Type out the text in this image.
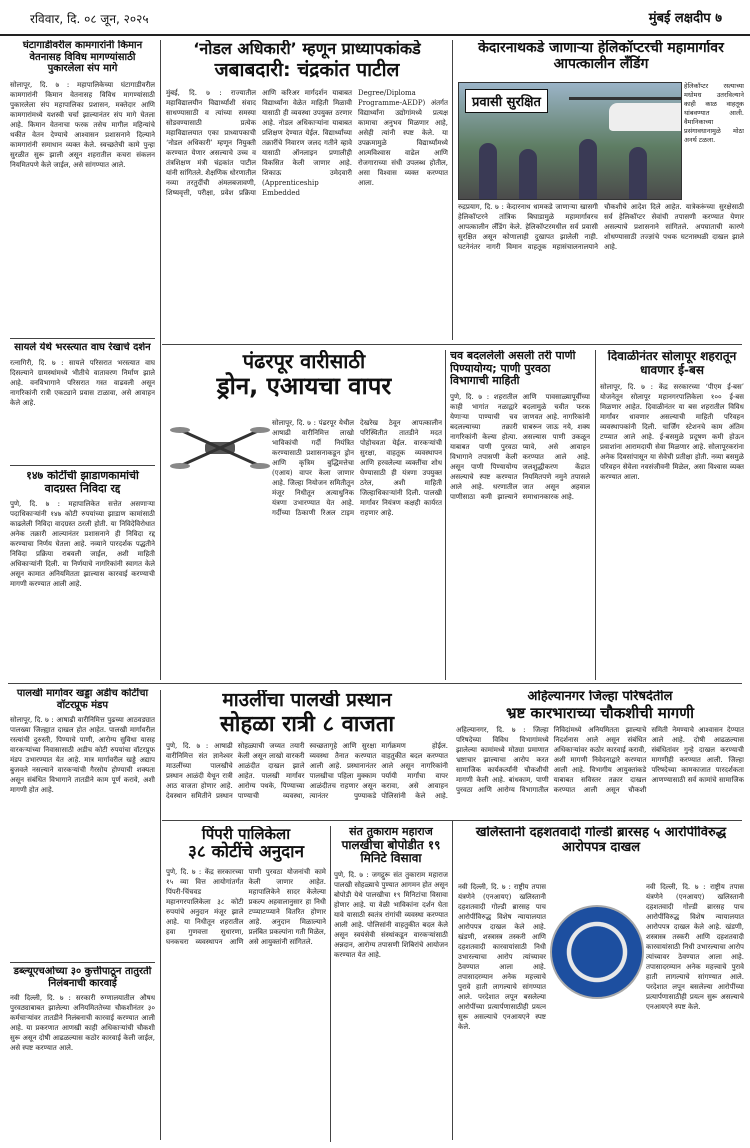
रविवार, दि. ०८ जून, २०२५	मुंबई लक्षदीप ७
घंटागाडीवरील कामगारांनी किमान वेतनासह विविध मागण्यांसाठी पुकारलेला संप मागे
सोलापूर, दि. ७ : महापालिकेच्या घंटागाडीवरील कामगारांनी किमान वेतनासह विविध मागण्यांसाठी पुकारलेला संप महापालिका प्रशासन, मक्तेदार आणि कामगारांमध्ये यशस्वी चर्चा झाल्यानंतर संप मागे घेतला आहे. किमान वेतनाचा फरक तसेच मागील महिन्यांचे थकीत वेतन देण्याचे आश्वासन प्रशासनाने दिल्याने कामगारांनी समाधान व्यक्त केले. स्वच्छतेची कामे पुन्हा सुरळीत सुरू झाली असून शहरातील कचरा संकलन नियमितपणे केले जाईल, असे सांगण्यात आले.
सायले येथे भरस्त्यात वाघ रेखाचे दर्शन
रत्नागिरी, दि. ७ : सायले परिसरात भरस्त्यात वाघ दिसल्याने ग्रामस्थांमध्ये भीतीचे वातावरण निर्माण झाले आहे. वनविभागाने परिसरात गस्त वाढवली असून नागरिकांनी रात्री एकट्याने प्रवास टाळावा, असे आवाहन केले आहे.
१४७ कोटींची झाडाणकामांची वादग्रस्त निविदा रद्द
पुणे, दि. ७ : महापालिकेत सत्तेत असणाऱ्या पदाधिकाऱ्यांनी १४७ कोटी रुपयांच्या झाडाण कामांसाठी काढलेली निविदा वादग्रस्त ठरली होती. या निविदेविरोधात अनेक तक्रारी आल्यानंतर प्रशासनाने ही निविदा रद्द करण्याचा निर्णय घेतला आहे. नव्याने पारदर्शक पद्धतीने निविदा प्रक्रिया राबवली जाईल, अशी माहिती अधिकाऱ्यांनी दिली. या निर्णयाचे नागरिकांनी स्वागत केले असून कामात अनियमितता झाल्यास कारवाई करण्याची मागणी करण्यात आली आहे.
पालखी मार्गावर खड्डा अडीच कोटींचा वॉटरप्रूफ मंडप
सोलापूर, दि. ७ : आषाढी वारीनिमित्त पुढच्या आठवड्यात पालख्या जिल्ह्यात दाखल होत आहेत. पालखी मार्गावरील रस्त्यांची दुरुस्ती, पिण्याचे पाणी, आरोग्य सुविधा यासह वारकऱ्यांच्या निवासासाठी अडीच कोटी रुपयांचा वॉटरप्रूफ मंडप उभारण्यात येत आहे. मात्र मार्गावरील खड्डे अद्याप बुजवले नसल्याने वारकऱ्यांची गैरसोय होण्याची शक्यता असून संबंधित विभागाने तातडीने काम पूर्ण करावे, अशी मागणी होत आहे.
डब्ल्यूएचओच्या ३० कुत्तीपाठून तातुरती निलंबनाची कारवाई
नवी दिल्ली, दि. ७ : सरकारी रुग्णालयातील औषध पुरवठ्याबाबत झालेल्या अनियमिततेच्या चौकशीनंतर ३० कर्मचाऱ्यांवर तातडीने निलंबनाची कारवाई करण्यात आली आहे. या प्रकरणात आणखी काही अधिकाऱ्यांची चौकशी सुरू असून दोषी आढळल्यास कठोर कारवाई केली जाईल, असे स्पष्ट करण्यात आले.
‘नोडल अधिकारी’ म्हणून प्राध्यापकांकडे
जबाबदारी: चंद्रकांत पाटील
मुंबई, दि. ७ : राज्यातील महाविद्यालयीन विद्यार्थ्यांशी संवाद साधण्यासाठी व त्यांच्या समस्या सोडवण्यासाठी प्रत्येक महाविद्यालयात एका प्राध्यापकाची ‘नोडल अधिकारी’ म्हणून नियुक्ती करण्यात येणार असल्याचे उच्च व तंत्रशिक्षण मंत्री चंद्रकांत पाटील यांनी सांगितले. शैक्षणिक धोरणातील नव्या तरतुदींची अंमलबजावणी, शिष्यवृत्ती, परीक्षा, प्रवेश प्रक्रिया आणि करिअर मार्गदर्शन याबाबत विद्यार्थ्यांना वेळेत माहिती मिळावी यासाठी ही व्यवस्था उपयुक्त ठरणार आहे. नोडल अधिकाऱ्यांना याबाबत प्रशिक्षण देण्यात येईल. विद्यार्थ्यांच्या तक्रारींचे निवारण जलद गतीने व्हावे यासाठी ऑनलाइन प्रणालीही विकसित केली जाणार आहे. शिकाऊ उमेदवारी (Apprenticeship Embedded Degree/Diploma Programme-AEDP) अंतर्गत विद्यार्थ्यांना उद्योगांमध्ये प्रत्यक्ष कामाचा अनुभव मिळणार आहे, असेही त्यांनी स्पष्ट केले. या उपक्रमामुळे विद्यार्थ्यांमध्ये आत्मविश्वास वाढेल आणि रोजगाराच्या संधी उपलब्ध होतील, असा विश्वास व्यक्त करण्यात आला.
केदारनाथकडे जाणाऱ्या हेलिकॉप्टरची महामार्गावर आपत्कालीन लँडिंग
प्रवासी सुरक्षित
हेलिकॉप्टर रस्त्याच्या मधोमध उतरविल्याने काही काळ वाहतूक थांबवण्यात आली. वैमानिकाच्या प्रसंगावधानामुळे मोठा अनर्थ टळला.
रुद्रप्रयाग, दि. ७ : केदारनाथ धामकडे जाणाऱ्या खासगी हेलिकॉप्टरने तांत्रिक बिघाडामुळे महामार्गावरच आपत्कालीन लँडिंग केले. हेलिकॉप्टरमधील सर्व प्रवासी सुरक्षित असून कोणालाही दुखापत झालेली नाही. घटनेनंतर नागरी विमान वाहतूक महासंचालनालयाने चौकशीचे आदेश दिले आहेत. यात्रेकरूंच्या सुरक्षेसाठी सर्व हेलिकॉप्टर सेवांची तपासणी करण्यात येणार असल्याचे प्रशासनाने सांगितले. अपघाताची कारणे शोधण्यासाठी तज्ज्ञांचे पथक घटनास्थळी दाखल झाले आहे.
पंढरपूर वारीसाठी
ड्रोन, एआयचा वापर
सोलापूर, दि. ७ : पंढरपूर येथील आषाढी वारीनिमित्त लाखो भाविकांची गर्दी नियंत्रित करण्यासाठी प्रशासनाकडून ड्रोन आणि कृत्रिम बुद्धिमत्तेचा (एआय) वापर केला जाणार आहे. जिल्हा नियोजन समितीतून मंजूर निधीतून अत्याधुनिक यंत्रणा उभारण्यात येत आहे. गर्दीच्या ठिकाणी रिअल टाइम देखरेख ठेवून आपत्कालीन परिस्थितीत तातडीने मदत पोहोचवता येईल. वारकऱ्यांची सुरक्षा, वाहतूक व्यवस्थापन आणि हरवलेल्या व्यक्तींचा शोध घेण्यासाठी ही यंत्रणा उपयुक्त ठरेल, अशी माहिती जिल्हाधिकाऱ्यांनी दिली. पालखी मार्गावर नियंत्रण कक्षही कार्यरत राहणार आहे.
चव बदललेली असली तरी पाणी पिण्यायोग्य; पाणी पुरवठा विभागाची माहिती
पुणे, दि. ७ : शहरातील काही भागांत नळाद्वारे येणाऱ्या पाण्याची चव बदलल्याच्या तक्रारी नागरिकांनी केल्या होत्या. याबाबत पाणी पुरवठा विभागाने तपासणी केली असून पाणी पिण्यायोग्य असल्याचे स्पष्ट करण्यात आले आहे. धरणातील पाणीसाठा कमी झाल्याने आणि पावसाळ्यापूर्वीच्या बदलामुळे चवीत फरक जाणवत आहे. नागरिकांनी घाबरून जाऊ नये, शक्य असल्यास पाणी उकळून प्यावे, असे आवाहन करण्यात आले आहे. जलशुद्धीकरण केंद्रात नियमितपणे नमुने तपासले जात असून अहवाल समाधानकारक आहे.
दिवाळीनंतर सोलापूर शहरातून धावणार ई-बस
सोलापूर, दि. ७ : केंद्र सरकारच्या ‘पीएम ई-बस’ योजनेतून सोलापूर महानगरपालिकेला १०० ई-बस मिळणार आहेत. दिवाळीनंतर या बस शहरातील विविध मार्गांवर धावणार असल्याची माहिती परिवहन व्यवस्थापकांनी दिली. चार्जिंग स्टेशनचे काम अंतिम टप्प्यात आले आहे. ई-बसमुळे प्रदूषण कमी होऊन प्रवाशांना आरामदायी सेवा मिळणार आहे. सोलापूरकरांना अनेक दिवसांपासून या सेवेची प्रतीक्षा होती. नव्या बसमुळे परिवहन सेवेला नवसंजीवनी मिळेल, असा विश्वास व्यक्त करण्यात आला.
माउलींचा पालखी प्रस्थान
सोहळा रात्री ८ वाजता
पुणे, दि. ७ : आषाढी वारीनिमित्त संत ज्ञानेश्वर माउलींच्या पालखीचे प्रस्थान आळंदी येथून रात्री आठ वाजता होणार आहे. देवस्थान समितीने प्रस्थान सोहळ्याची जय्यत तयारी केली असून लाखो वारकरी आळंदीत दाखल झाले आहेत. पालखी मार्गावर आरोग्य पथके, पिण्याच्या पाण्याची व्यवस्था, स्वच्छतागृहे आणि सुरक्षा व्यवस्था तैनात करण्यात आली आहे. प्रस्थानानंतर पालखीचा पहिला मुक्काम आळंदीतच राहणार असून त्यानंतर पुण्याकडे मार्गक्रमण होईल. वाहतुकीत बदल करण्यात आले असून नागरिकांनी पर्यायी मार्गांचा वापर करावा, असे आवाहन पोलिसांनी केले आहे.
अहिल्यानगर जिल्हा परिषदेतील
भ्रष्ट कारभाराच्या चौकशीची मागणी
अहिल्यानगर, दि. ७ : जिल्हा परिषदेच्या विविध विभागांमध्ये झालेल्या कामांमध्ये मोठ्या प्रमाणात भ्रष्टाचार झाल्याचा आरोप करत सामाजिक कार्यकर्त्यांनी चौकशीची मागणी केली आहे. बांधकाम, पाणी पुरवठा आणि आरोग्य विभागातील निविदांमध्ये अनियमितता झाल्याचे निदर्शनास आले असून संबंधित अधिकाऱ्यांवर कठोर कारवाई करावी, अशी मागणी निवेदनाद्वारे करण्यात आली आहे. विभागीय आयुक्तांकडे याबाबत सविस्तर तक्रार दाखल करण्यात आली असून चौकशी समिती नेमण्याचे आश्वासन देण्यात आले आहे. दोषी आढळल्यास संबंधितांवर गुन्हे दाखल करण्याची मागणीही करण्यात आली. जिल्हा परिषदेच्या कामकाजात पारदर्शकता आणण्यासाठी सर्व कामांचे सामाजिक
पिंपरी पालिकेला
३८ कोटींचे अनुदान
पुणे, दि. ७ : केंद्र सरकारच्या १५ व्या वित्त आयोगांतर्गत पिंपरी-चिंचवड महानगरपालिकेला ३८ कोटी रुपयांचे अनुदान मंजूर झाले आहे. या निधीतून शहरातील हवा गुणवत्ता सुधारणा, घनकचरा व्यवस्थापन आणि पाणी पुरवठा योजनांची कामे केली जाणार आहेत. महापालिकेने सादर केलेल्या प्रकल्प अहवालानुसार हा निधी टप्प्याटप्प्याने वितरित होणार आहे. अनुदान मिळाल्याने प्रलंबित प्रकल्पांना गती मिळेल, असे आयुक्तांनी सांगितले.
संत तुकाराम महाराज
पालखीचा बोपोडीत १९ मिनिटे विसावा
पुणे, दि. ७ : जगद्गुरू संत तुकाराम महाराज पालखी सोहळ्याचे पुण्यात आगमन होत असून बोपोडी येथे पालखीचा १९ मिनिटांचा विसावा होणार आहे. या वेळी भाविकांना दर्शन घेता यावे यासाठी स्वतंत्र रांगांची व्यवस्था करण्यात आली आहे. पोलिसांनी वाहतुकीत बदल केले असून स्वयंसेवी संस्थांकडून वारकऱ्यांसाठी अन्नदान, आरोग्य तपासणी शिबिरांचे आयोजन करण्यात येत आहे.
खलिस्तानी दहशतवादी गोल्डी ब्रारसह ५ आरोपींविरुद्ध आरोपपत्र दाखल
नवी दिल्ली, दि. ७ : राष्ट्रीय तपास यंत्रणेने (एनआयए) खलिस्तानी दहशतवादी गोल्डी ब्रारसह पाच आरोपींविरुद्ध विशेष न्यायालयात आरोपपत्र दाखल केले आहे. खंडणी, शस्त्रास्त्र तस्करी आणि दहशतवादी कारवायांसाठी निधी उभारल्याचा आरोप त्यांच्यावर ठेवण्यात आला आहे. तपासादरम्यान अनेक महत्त्वाचे पुरावे हाती लागल्याचे सांगण्यात आले. परदेशात लपून बसलेल्या आरोपींच्या प्रत्यार्पणासाठीही प्रयत्न सुरू असल्याचे एनआयएने स्पष्ट केले.
नवी दिल्ली, दि. ७ : राष्ट्रीय तपास यंत्रणेने (एनआयए) खलिस्तानी दहशतवादी गोल्डी ब्रारसह पाच आरोपींविरुद्ध विशेष न्यायालयात आरोपपत्र दाखल केले आहे. खंडणी, शस्त्रास्त्र तस्करी आणि दहशतवादी कारवायांसाठी निधी उभारल्याचा आरोप त्यांच्यावर ठेवण्यात आला आहे. तपासादरम्यान अनेक महत्त्वाचे पुरावे हाती लागल्याचे सांगण्यात आले. परदेशात लपून बसलेल्या आरोपींच्या प्रत्यार्पणासाठीही प्रयत्न सुरू असल्याचे एनआयएने स्पष्ट केले.
